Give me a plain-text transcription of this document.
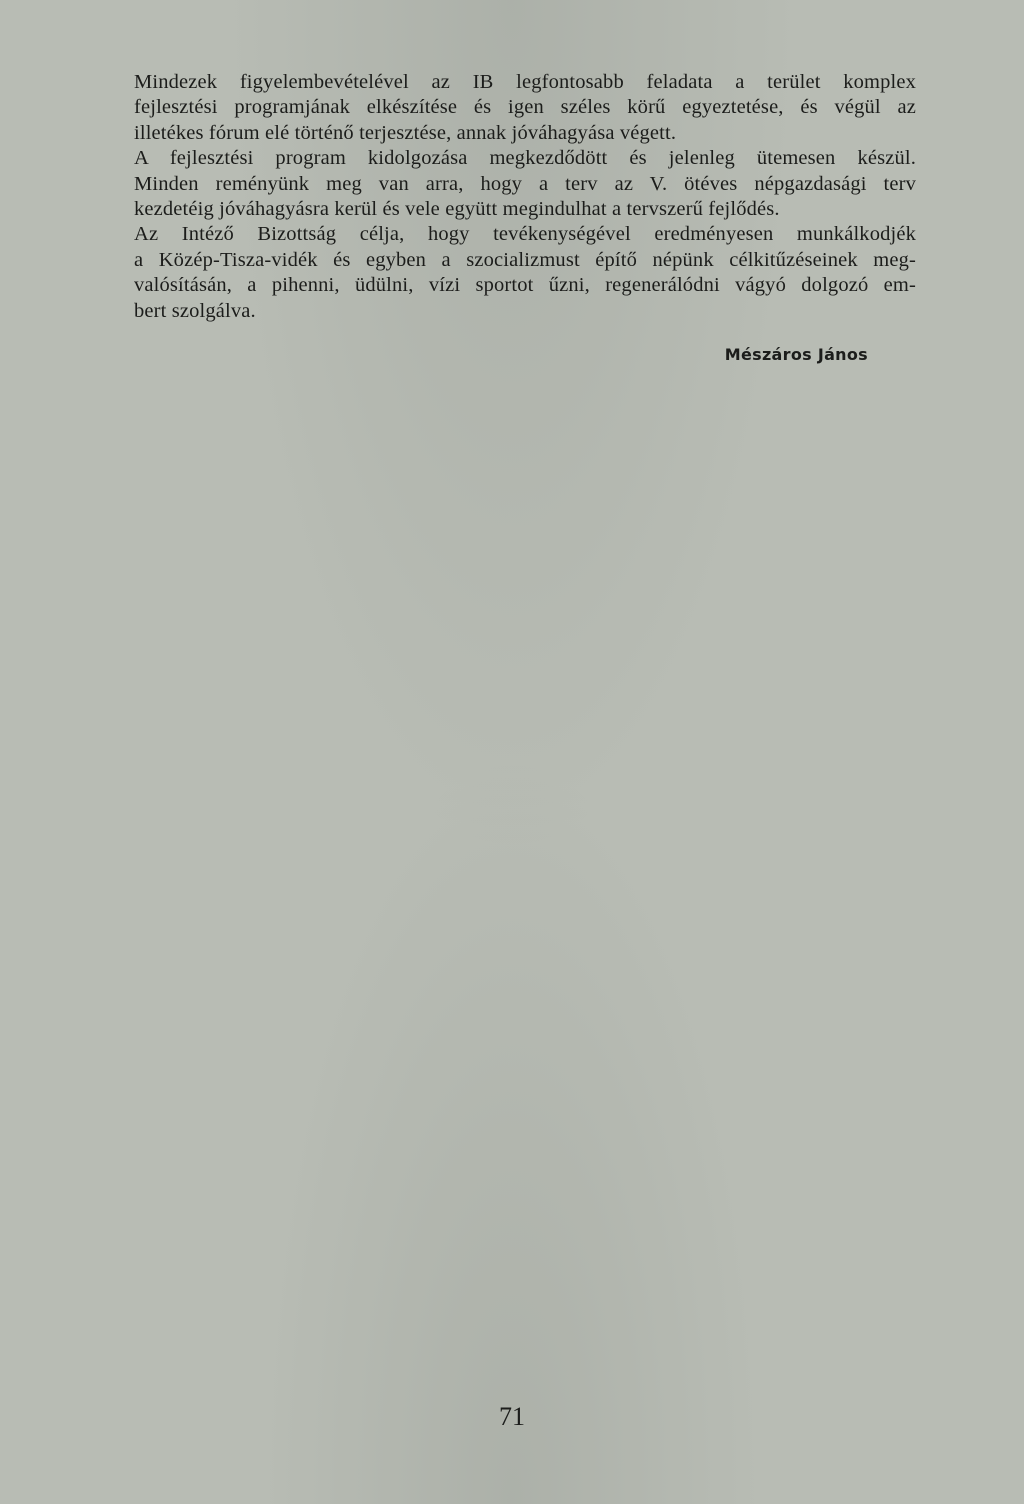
Mindezek figyelembevételével az IB legfontosabb feladata a terület komplex
fejlesztési programjának elkészítése és igen széles körű egyeztetése, és végül az
illetékes fórum elé történő terjesztése, annak jóváhagyása végett.

A fejlesztési program kidolgozása megkezdődött és jelenleg ütemesen készül.
Minden reményünk meg van arra, hogy a terv az V. ötéves népgazdasági terv
kezdetéig jóváhagyásra kerül és vele együtt megindulhat a tervszerű fejlődés.

Az Intéző Bizottság célja, hogy tevékenységével eredményesen munkálkodjék
a Közép-Tisza-vidék és egyben a szocializmust építő népünk célkitűzéseinek meg-
valósításán, a pihenni, üdülni, vízi sportot űzni, regenerálódni vágyó dolgozó em-
bert szolgálva.

Mészáros János
71
